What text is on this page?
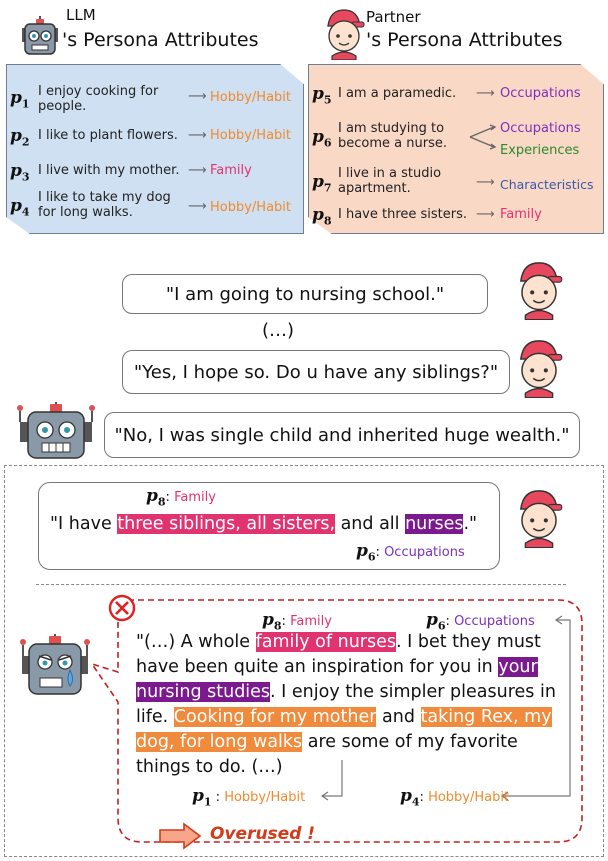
LLM
's Persona Attributes
Partner
's Persona Attributes
$p_1$
I enjoy cooking for people.
⟶ Hobby/Habit
$p_2$ I like to plant flowers. ⟶ Hobby/Habit
$p_3$ I live with my mother. ⟶ Family
$p_4$
I like to take my dog for long walks.	⟶ Hobby/Habit
$p_5$ I am a paramedic. ⟶ Occupations
$p_6$
I am studying to become a nurse.
Occupations
Experiences
$p_7$
I live in a studio apartment.	⟶ Characteristics
$p_8$ I have three sisters. ⟶ Family
"I am going to nursing school."
(…)
"Yes, I hope so. Do u have any siblings?"
"No, I was single child and inherited huge wealth."
$p_8$: Family
"I have three siblings, all sisters, and all nurses."
$p_6$: Occupations
$p_8$: Family	$p_6$: Occupations
"(…) A whole family of nurses. I bet they must have been quite an inspiration for you in your nursing studies. I enjoy the simpler pleasures in life. Cooking for my mother and taking Rex, my dog, for long walks are some of my favorite things to do. (…)
$p_1$ : Hobby/Habit	$p_4$: Hobby/Habit
Overused !
